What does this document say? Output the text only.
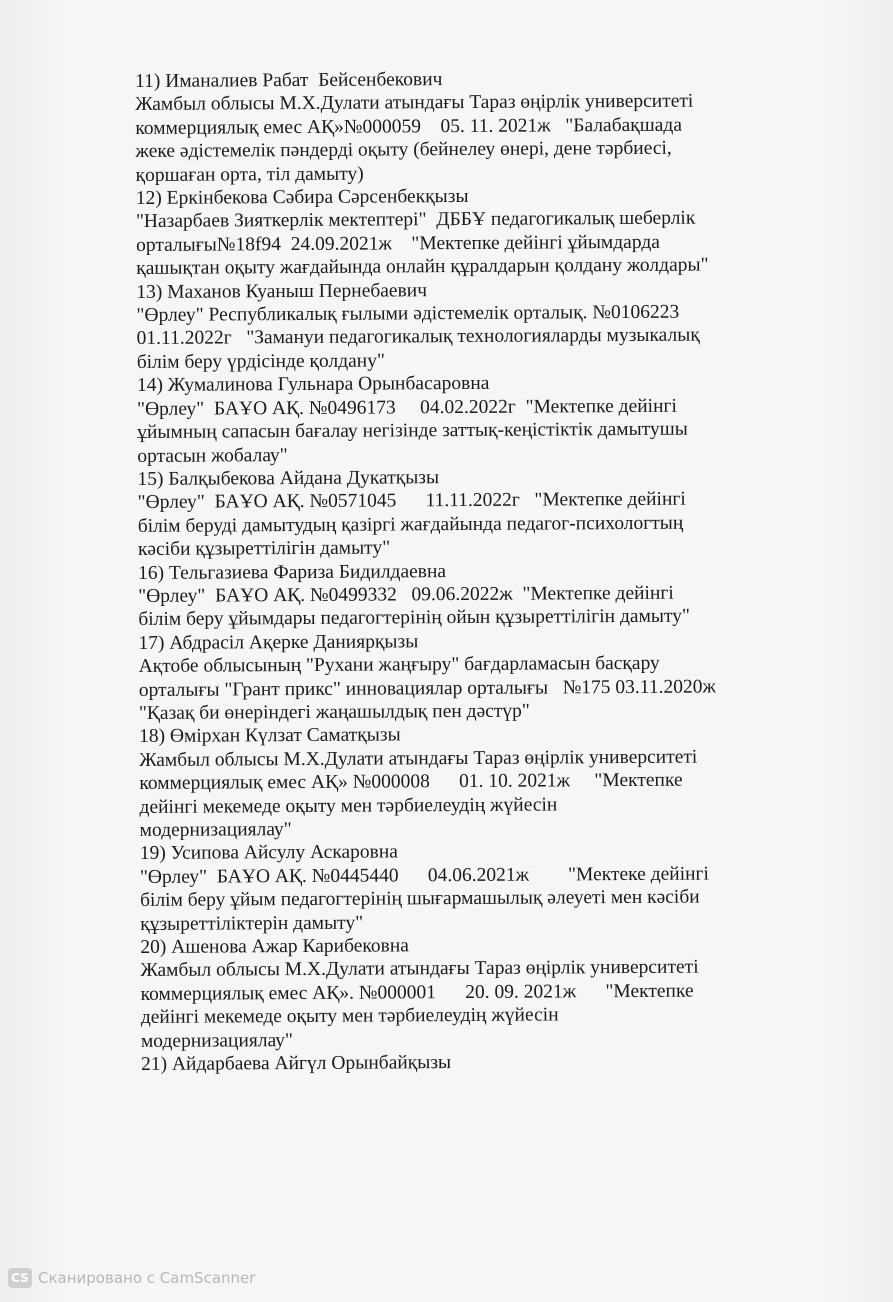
11) Иманалиев Рабат  Бейсенбекович
Жамбыл облысы М.Х.Дулати атындағы Тараз өңірлік университеті
коммерциялық емес АҚ»№000059    05. 11. 2021ж   "Балабақшада
жеке әдістемелік пәндерді оқыту (бейнелеу өнері, дене тәрбиесі,
қоршаған орта, тіл дамыту)
12) Еркінбекова Сәбира Сәрсенбекқызы
"Назарбаев Зияткерлік мектептері"  ДББҰ педагогикалық шеберлік
орталығы№18f94  24.09.2021ж    "Мектепке дейінгі ұйымдарда
қашықтан оқыту жағдайында онлайн құралдарын қолдану жолдары"
13) Маханов Куаныш Пернебаевич
"Өрлеу" Республикалық ғылыми әдістемелік орталық. №0106223
01.11.2022г   "Замануи педагогикалық технологияларды музыкалық
білім беру үрдісінде қолдану"
14) Жумалинова Гульнара Орынбасаровна
"Өрлеу"  БАҰО АҚ. №0496173     04.02.2022г  "Мектепке дейінгі
ұйымның сапасын бағалау негізінде заттық-кеңістіктік дамытушы
ортасын жобалау"
15) Балқыбекова Айдана Дукатқызы
"Өрлеу"  БАҰО АҚ. №0571045      11.11.2022г   "Мектепке дейінгі
білім беруді дамытудың қазіргі жағдайында педагог-психологтың
кәсіби құзыреттілігін дамыту"
16) Тельгазиева Фариза Бидилдаевна
"Өрлеу"  БАҰО АҚ. №0499332   09.06.2022ж  "Мектепке дейінгі
білім беру ұйымдары педагогтерінің ойын құзыреттілігін дамыту"
17) Абдрасіл Ақерке Даниярқызы
Ақтобе облысының "Рухани жаңғыру" бағдарламасын басқару
орталығы "Грант прикс" инновациялар орталығы   №175 03.11.2020ж
"Қазақ би өнеріндегі жаңашылдық пен дәстүр"
18) Өмірхан Күлзат Саматқызы
Жамбыл облысы М.Х.Дулати атындағы Тараз өңірлік университеті
коммерциялық емес АҚ» №000008      01. 10. 2021ж     "Мектепке
дейінгі мекемеде оқыту мен тәрбиелеудің жүйесін
модернизациялау"
19) Усипова Айсулу Аскаровна
"Өрлеу"  БАҰО АҚ. №0445440      04.06.2021ж        "Мектеке дейінгі
білім беру ұйым педагогтерінің шығармашылық әлеуеті мен кәсіби
құзыреттіліктерін дамыту"
20) Ашенова Ажар Карибековна
Жамбыл облысы М.Х.Дулати атындағы Тараз өңірлік университеті
коммерциялық емес АҚ». №000001      20. 09. 2021ж      "Мектепке
дейінгі мекемеде оқыту мен тәрбиелеудің жүйесін
модернизациялау"
21) Айдарбаева Айгүл Орынбайқызы
CS Сканировано с CamScanner
